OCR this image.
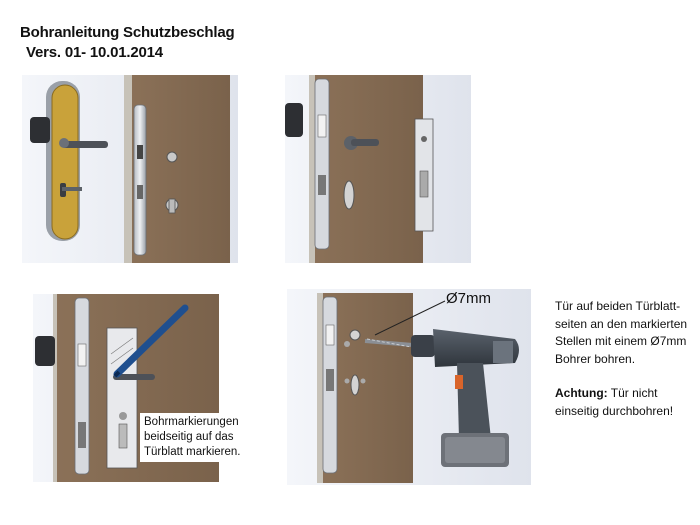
Bohranleitung Schutzbeschlag
Vers. 01- 10.01.2014
Bohrmarkierungen
beidseitig auf das
Türblatt markieren.
Ø7mm	Tür auf beiden Türblatt-

seiten an den markierten

Stellen mit einem Ø7mm

Bohrer bohren.

Achtung: Tür nicht

einseitig durchbohren!
